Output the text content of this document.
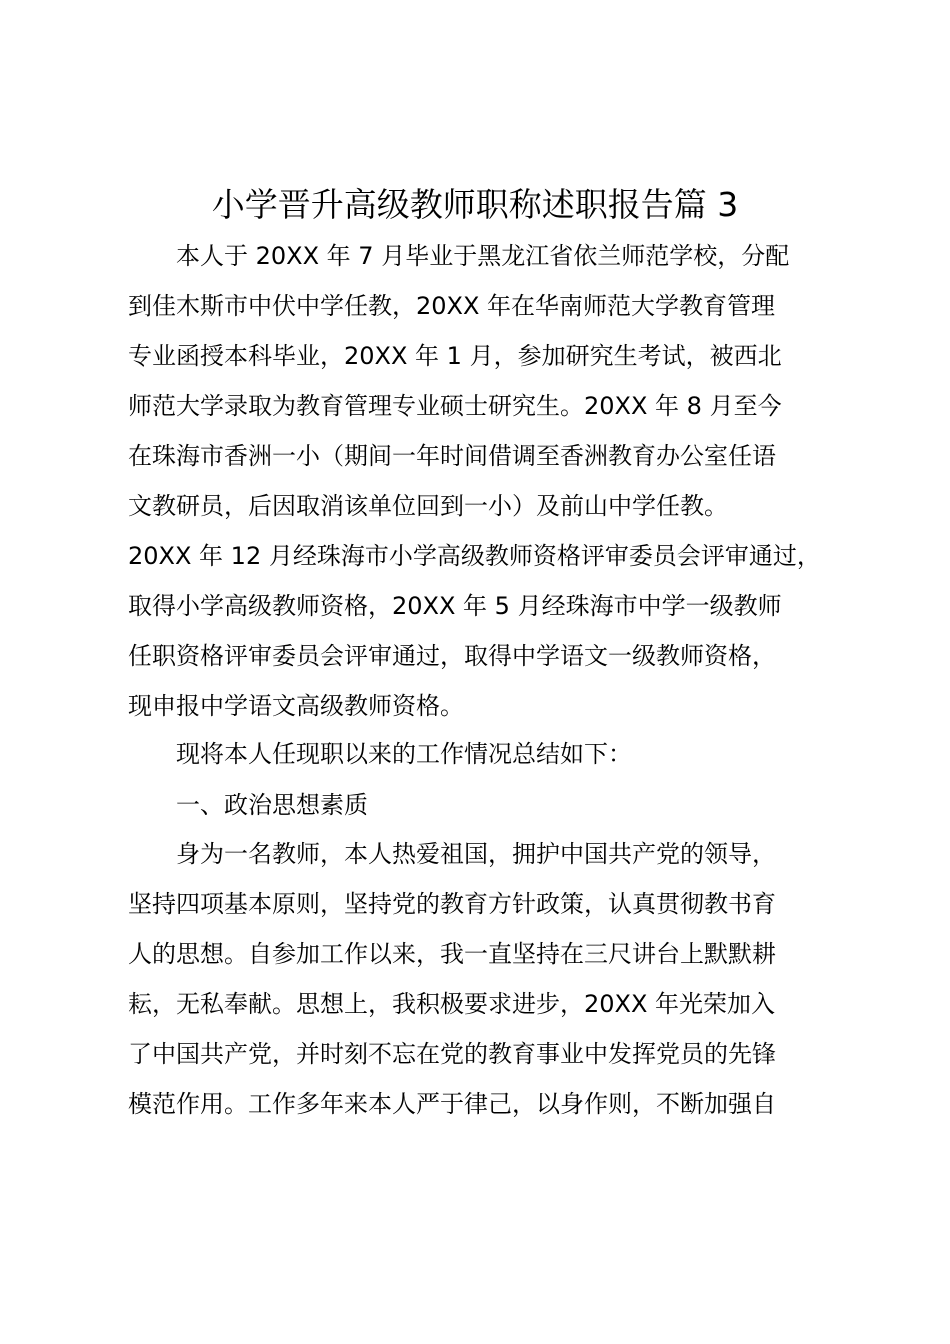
小学晋升高级教师职称述职报告篇 3

本人于 20XX 年 7 月毕业于黑龙江省依兰师范学校，分配

到佳木斯市中伏中学任教，20XX 年在华南师范大学教育管理

专业函授本科毕业，20XX 年 1 月，参加研究生考试，被西北

师范大学录取为教育管理专业硕士研究生。20XX 年 8 月至今

在珠海市香洲一小（期间一年时间借调至香洲教育办公室任语

文教研员，后因取消该单位回到一小）及前山中学任教。

20XX 年 12 月经珠海市小学高级教师资格评审委员会评审通过，

取得小学高级教师资格，20XX 年 5 月经珠海市中学一级教师

任职资格评审委员会评审通过，取得中学语文一级教师资格，

现申报中学语文高级教师资格。

现将本人任现职以来的工作情况总结如下：

一、政治思想素质

身为一名教师，本人热爱祖国，拥护中国共产党的领导，

坚持四项基本原则，坚持党的教育方针政策，认真贯彻教书育

人的思想。自参加工作以来，我一直坚持在三尺讲台上默默耕

耘，无私奉献。思想上，我积极要求进步，20XX 年光荣加入

了中国共产党，并时刻不忘在党的教育事业中发挥党员的先锋

模范作用。工作多年来本人严于律己，以身作则，不断加强自
